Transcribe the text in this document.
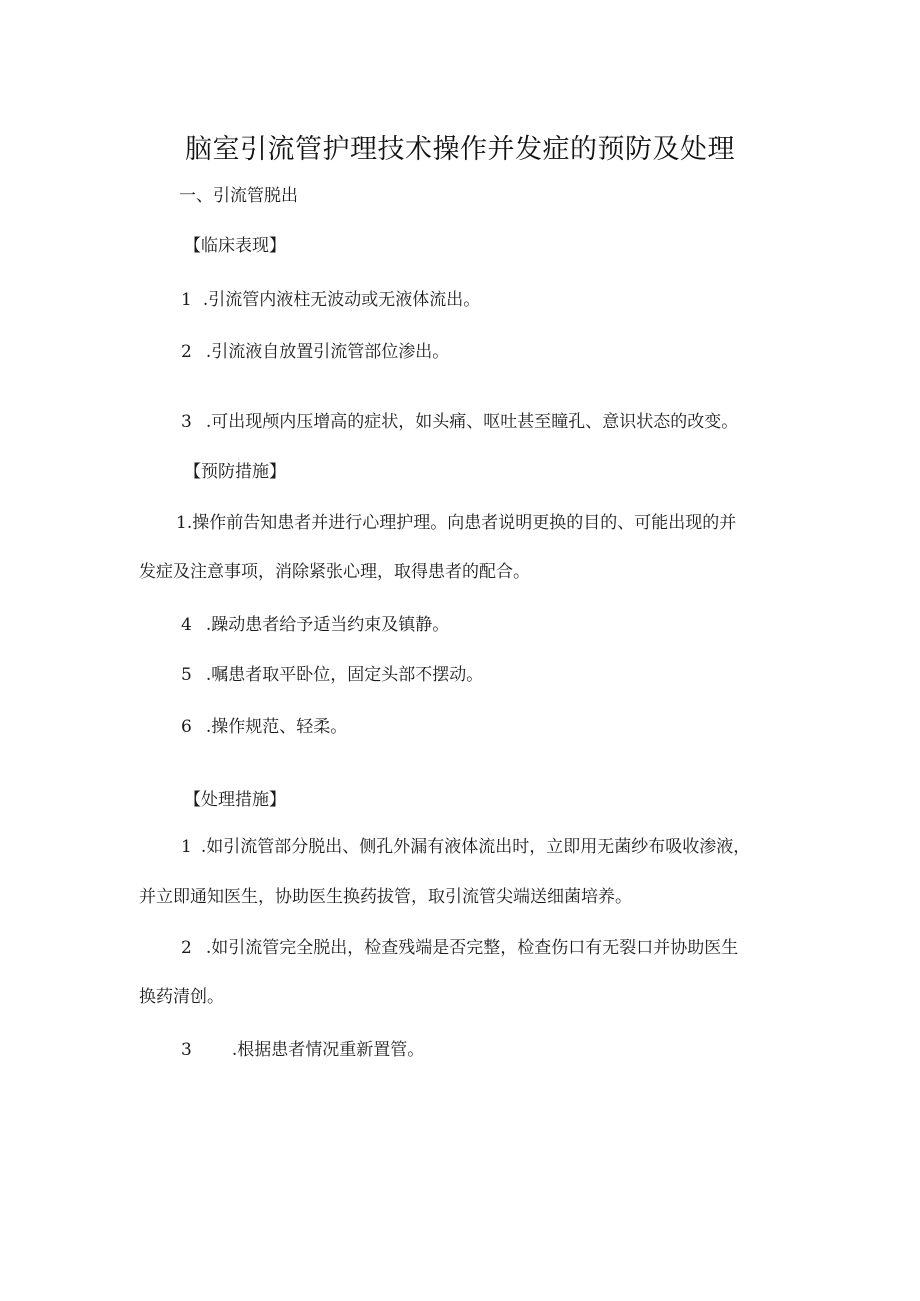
脑室引流管护理技术操作并发症的预防及处理
一、引流管脱出
【临床表现】
1 .引流管内液柱无波动或无液体流出。
2 .引流液自放置引流管部位渗出。
3 .可出现颅内压增高的症状，如头痛、呕吐甚至瞳孔、意识状态的改变。
【预防措施】
1.操作前告知患者并进行心理护理。向患者说明更换的目的、可能出现的并
发症及注意事项，消除紧张心理，取得患者的配合。
4 .躁动患者给予适当约束及镇静。
5 .嘱患者取平卧位，固定头部不摆动。
6 .操作规范、轻柔。
【处理措施】
1 .如引流管部分脱出、侧孔外漏有液体流出时，立即用无菌纱布吸收渗液，
并立即通知医生，协助医生换药拔管，取引流管尖端送细菌培养。
2 .如引流管完全脱出，检查残端是否完整，检查伤口有无裂口并协助医生
换药清创。
3 .根据患者情况重新置管。
